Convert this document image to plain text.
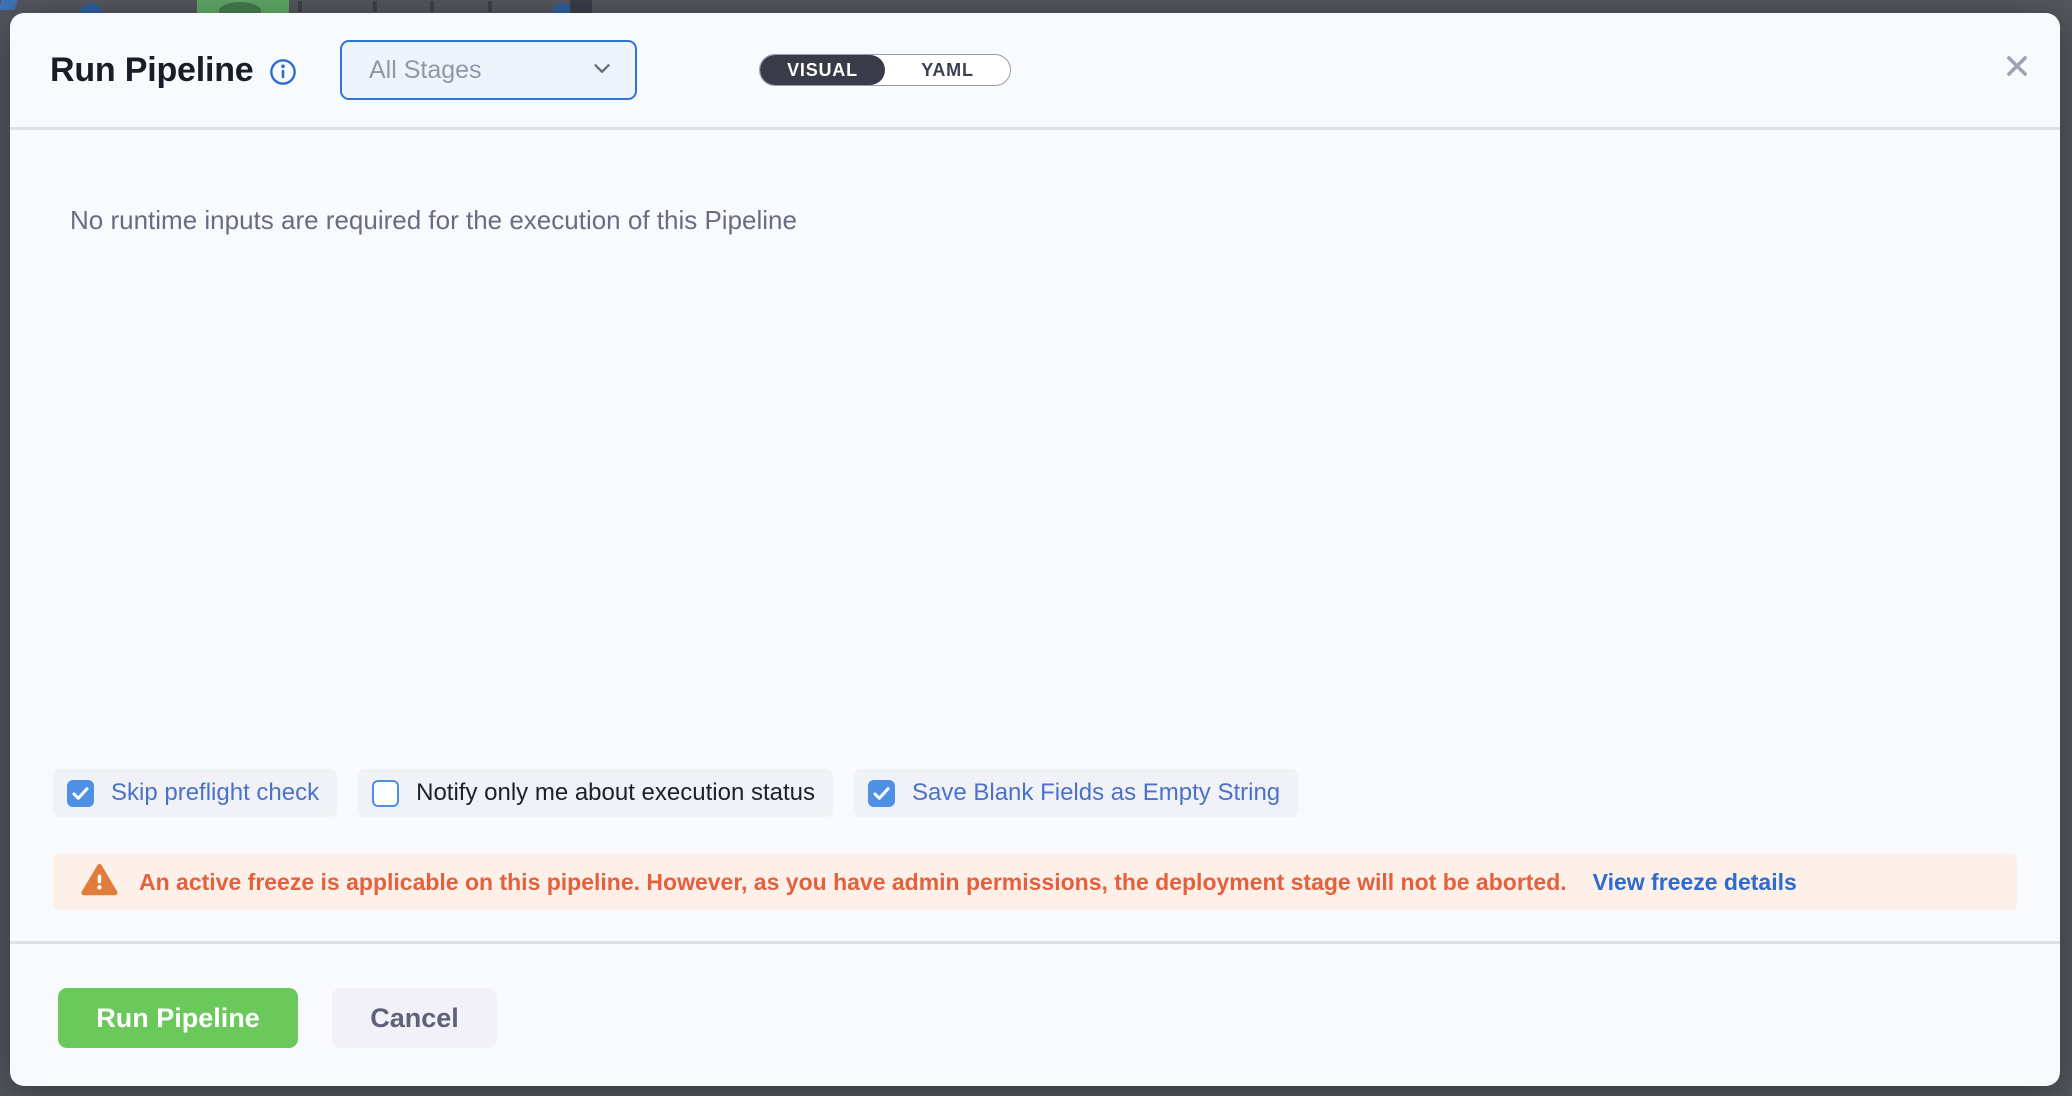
Run Pipeline	All Stages	VISUAL	YAML
No runtime inputs are required for the execution of this Pipeline
Skip preflight check	Notify only me about execution status	Save Blank Fields as Empty String
An active freeze is applicable on this pipeline. However, as you have admin permissions, the deployment stage will not be aborted. View freeze details
Run Pipeline	Cancel
